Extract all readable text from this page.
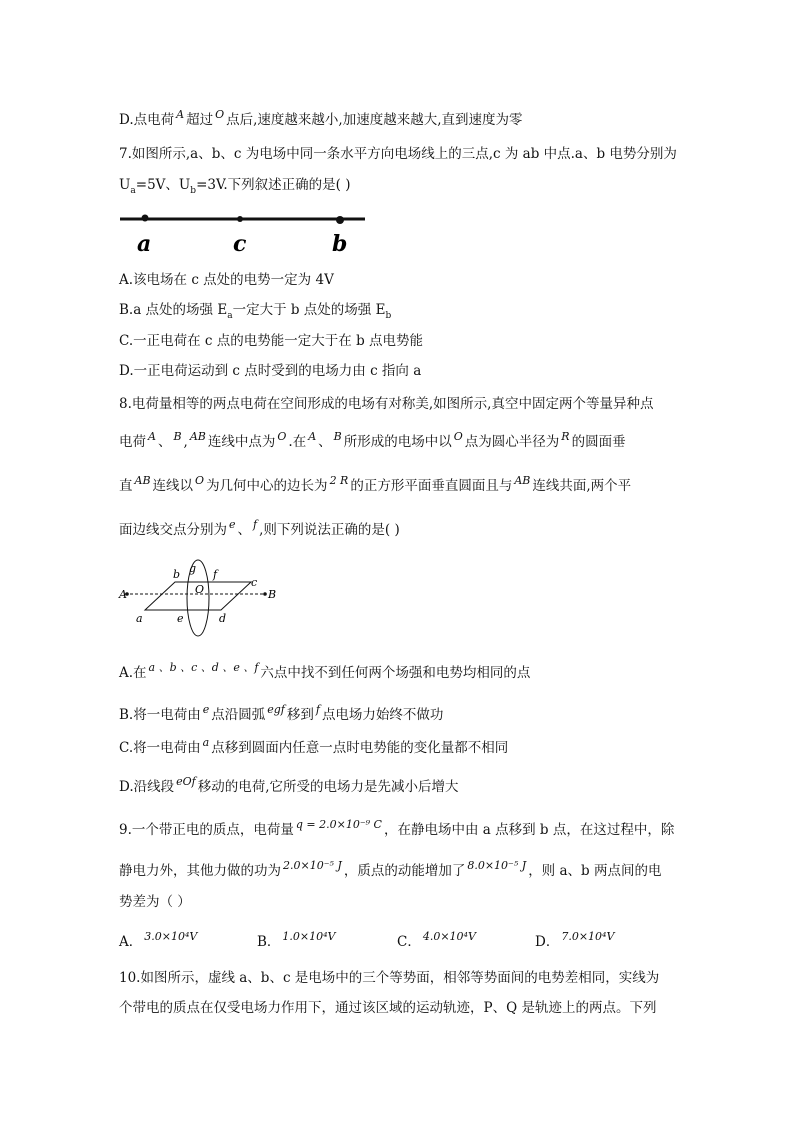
D.点电荷 $^A$ 超过 $^O$ 点后,速度越来越小,加速度越来越大,直到速度为零
7.如图所示,a、b、c 为电场中同一条水平方向电场线上的三点,c 为 ab 中点.a、b 电势分别为
$U_a=5V$、$U_b=3V$.下列叙述正确的是( )
a	c	b
A.该电场在 c 点处的电势一定为 4V
B.a 点处的场强 $E_a$一定大于 b 点处的场强 $E_b$
C.一正电荷在 c 点的电势能一定大于在 b 点电势能
D.一正电荷运动到 c 点时受到的电场力由 c 指向 a
8.电荷量相等的两点电荷在空间形成的电场有对称美,如图所示,真空中固定两个等量异种点
电荷 $^A$ 、 $^B$ , $^{AB}$ 连线中点为 $^O$ .在 $^A$ 、 $^B$ 所形成的电场中以 $^O$ 点为圆心半径为 $^R$ 的圆面垂
直 $^{AB}$ 连线以 $^O$ 为几何中心的边长为 $^{2 R}$ 的正方形平面垂直圆面且与 $^{AB}$ 连线共面,两个平
面边线交点分别为 $^e$ 、 $^f$ ,则下列说法正确的是( )
A	B
a
b
c
d
e
f
g
O
A.在 $^{a 、b 、c 、d 、e 、f}$ 六点中找不到任何两个场强和电势均相同的点
B.将一电荷由 $^e$ 点沿圆弧 $^{egf}$ 移到 $^f$ 点电场力始终不做功
C.将一电荷由 $^a$ 点移到圆面内任意一点时电势能的变化量都不相同
D.沿线段 $^{eOf}$ 移动的电荷,它所受的电场力是先减小后增大
9.一个带正电的质点，电荷量 $^{q = 2.0\times 10^{-9} C}$ ，在静电场中由 a 点移到 b 点，在这过程中，除
静电力外，其他力做的功为 $^{2.0\times 10^{-5} J}$ ，质点的动能增加了 $^{8.0\times 10^{-5} J}$ ，则 a、b 两点间的电
势差为（ ）
A． $^{3.0\times 10^4V}$	B． $^{1.0\times 10^4V}$	C． $^{4.0\times 10^4V}$	D． $^{7.0\times 10^4V}$
10.如图所示，虚线 a、b、c 是电场中的三个等势面，相邻等势面间的电势差相同，实线为
个带电的质点在仅受电场力作用下，通过该区域的运动轨迹，P、Q 是轨迹上的两点。下列
